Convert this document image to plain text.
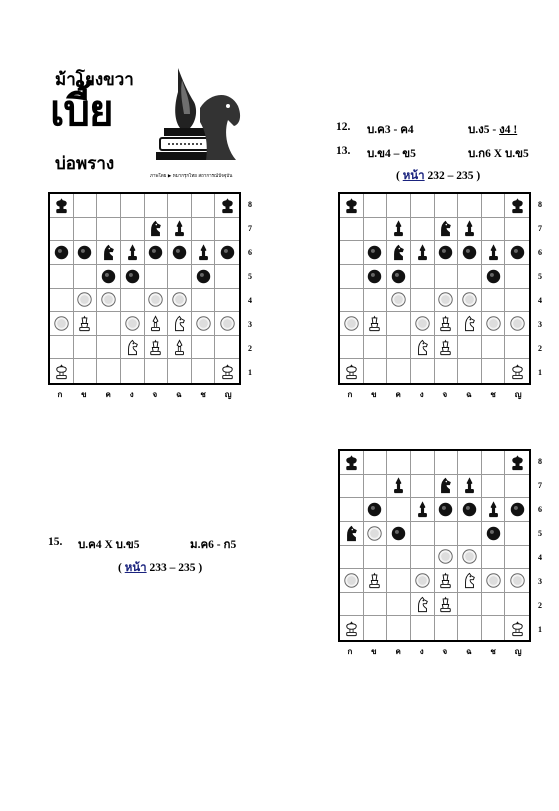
ม้าโยงขวา
เบี้ย
บ่อพราง
ภาพโดย ▶ หมากรุกไทย สถาการณ์ปัจจุบัน
12. บ.ค3 - ค4	บ.ง5 - ง4 !
13. บ.ข4 – ข5	บ.ก6 X บ.ข5
( หน้า 232 – 235 )
15. บ.ค4 X บ.ข5	ม.ค6 - ก5
( หน้า 233 – 235 )
8
7
6
5
4
3
2
1
ก ข ค ง จ ฉ ช ญ
8
7
6
5
4
3
2
1
ก ข ค ง จ ฉ ช ญ
8
7
6
5
4
3
2
1
ก ข ค ง จ ฉ ช ญ
